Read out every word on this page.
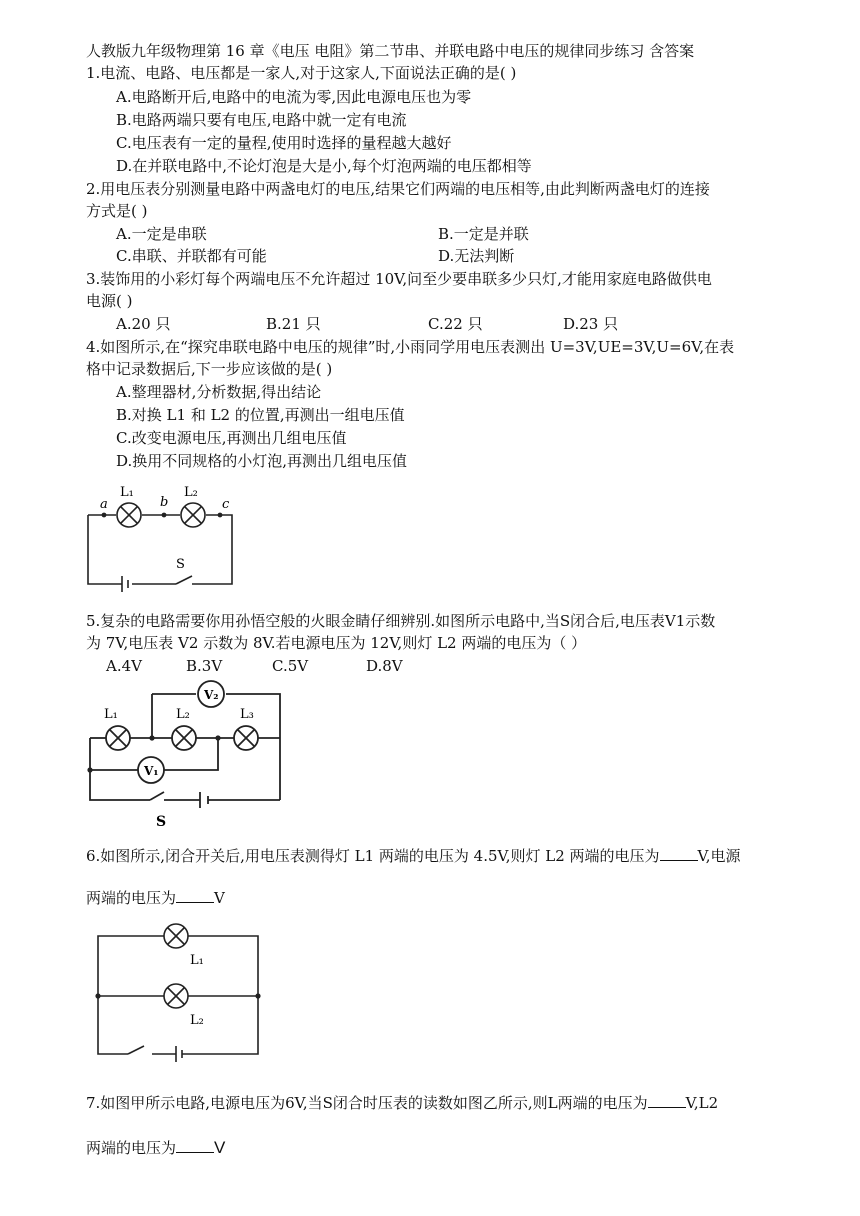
人教版九年级物理第 16 章《电压 电阻》第二节串、并联电路中电压的规律同步练习 含答案
1.电流、电路、电压都是一家人,对于这家人,下面说法正确的是( )
A.电路断开后,电路中的电流为零,因此电源电压也为零
B.电路两端只要有电压,电路中就一定有电流
C.电压表有一定的量程,使用时选择的量程越大越好
D.在并联电路中,不论灯泡是大是小,每个灯泡两端的电压都相等
2.用电压表分别测量电路中两盏电灯的电压,结果它们两端的电压相等,由此判断两盏电灯的连接
方式是( )
A.一定是串联	B.一定是并联
C.串联、并联都有可能	D.无法判断
3.装饰用的小彩灯每个两端电压不允许超过 10V,问至少要串联多少只灯,才能用家庭电路做供电
电源( )
A.20 只	B.21 只	C.22 只	D.23 只
4.如图所示,在“探究串联电路中电压的规律”时,小雨同学用电压表测出 U=3V,UE=3V,U=6V,在表
格中记录数据后,下一步应该做的是( )
A.整理器材,分析数据,得出结论
B.对换 L1 和 L2 的位置,再测出一组电压值
C.改变电源电压,再测出几组电压值
D.换用不同规格的小灯泡,再测出几组电压值
a	b	c
L₁	L₂
S
5.复杂的电路需要你用孙悟空般的火眼金睛仔细辨别.如图所示电路中,当S闭合后,电压表V1示数
为 7V,电压表 V2 示数为 8V.若电源电压为 12V,则灯 L2 两端的电压为（ ）
A.4V	B.3V	C.5V	D.8V
V₂
V₁
L₁	L₂	L₃
S
6.如图所示,闭合开关后,用电压表测得灯 L1 两端的电压为 4.5V,则灯 L2 两端的电压为	V,电源
两端的电压为	V
L₁
L₂
7.如图甲所示电路,电源电压为6V,当S闭合时压表的读数如图乙所示,则L两端的电压为	V,L2
两端的电压为 V
